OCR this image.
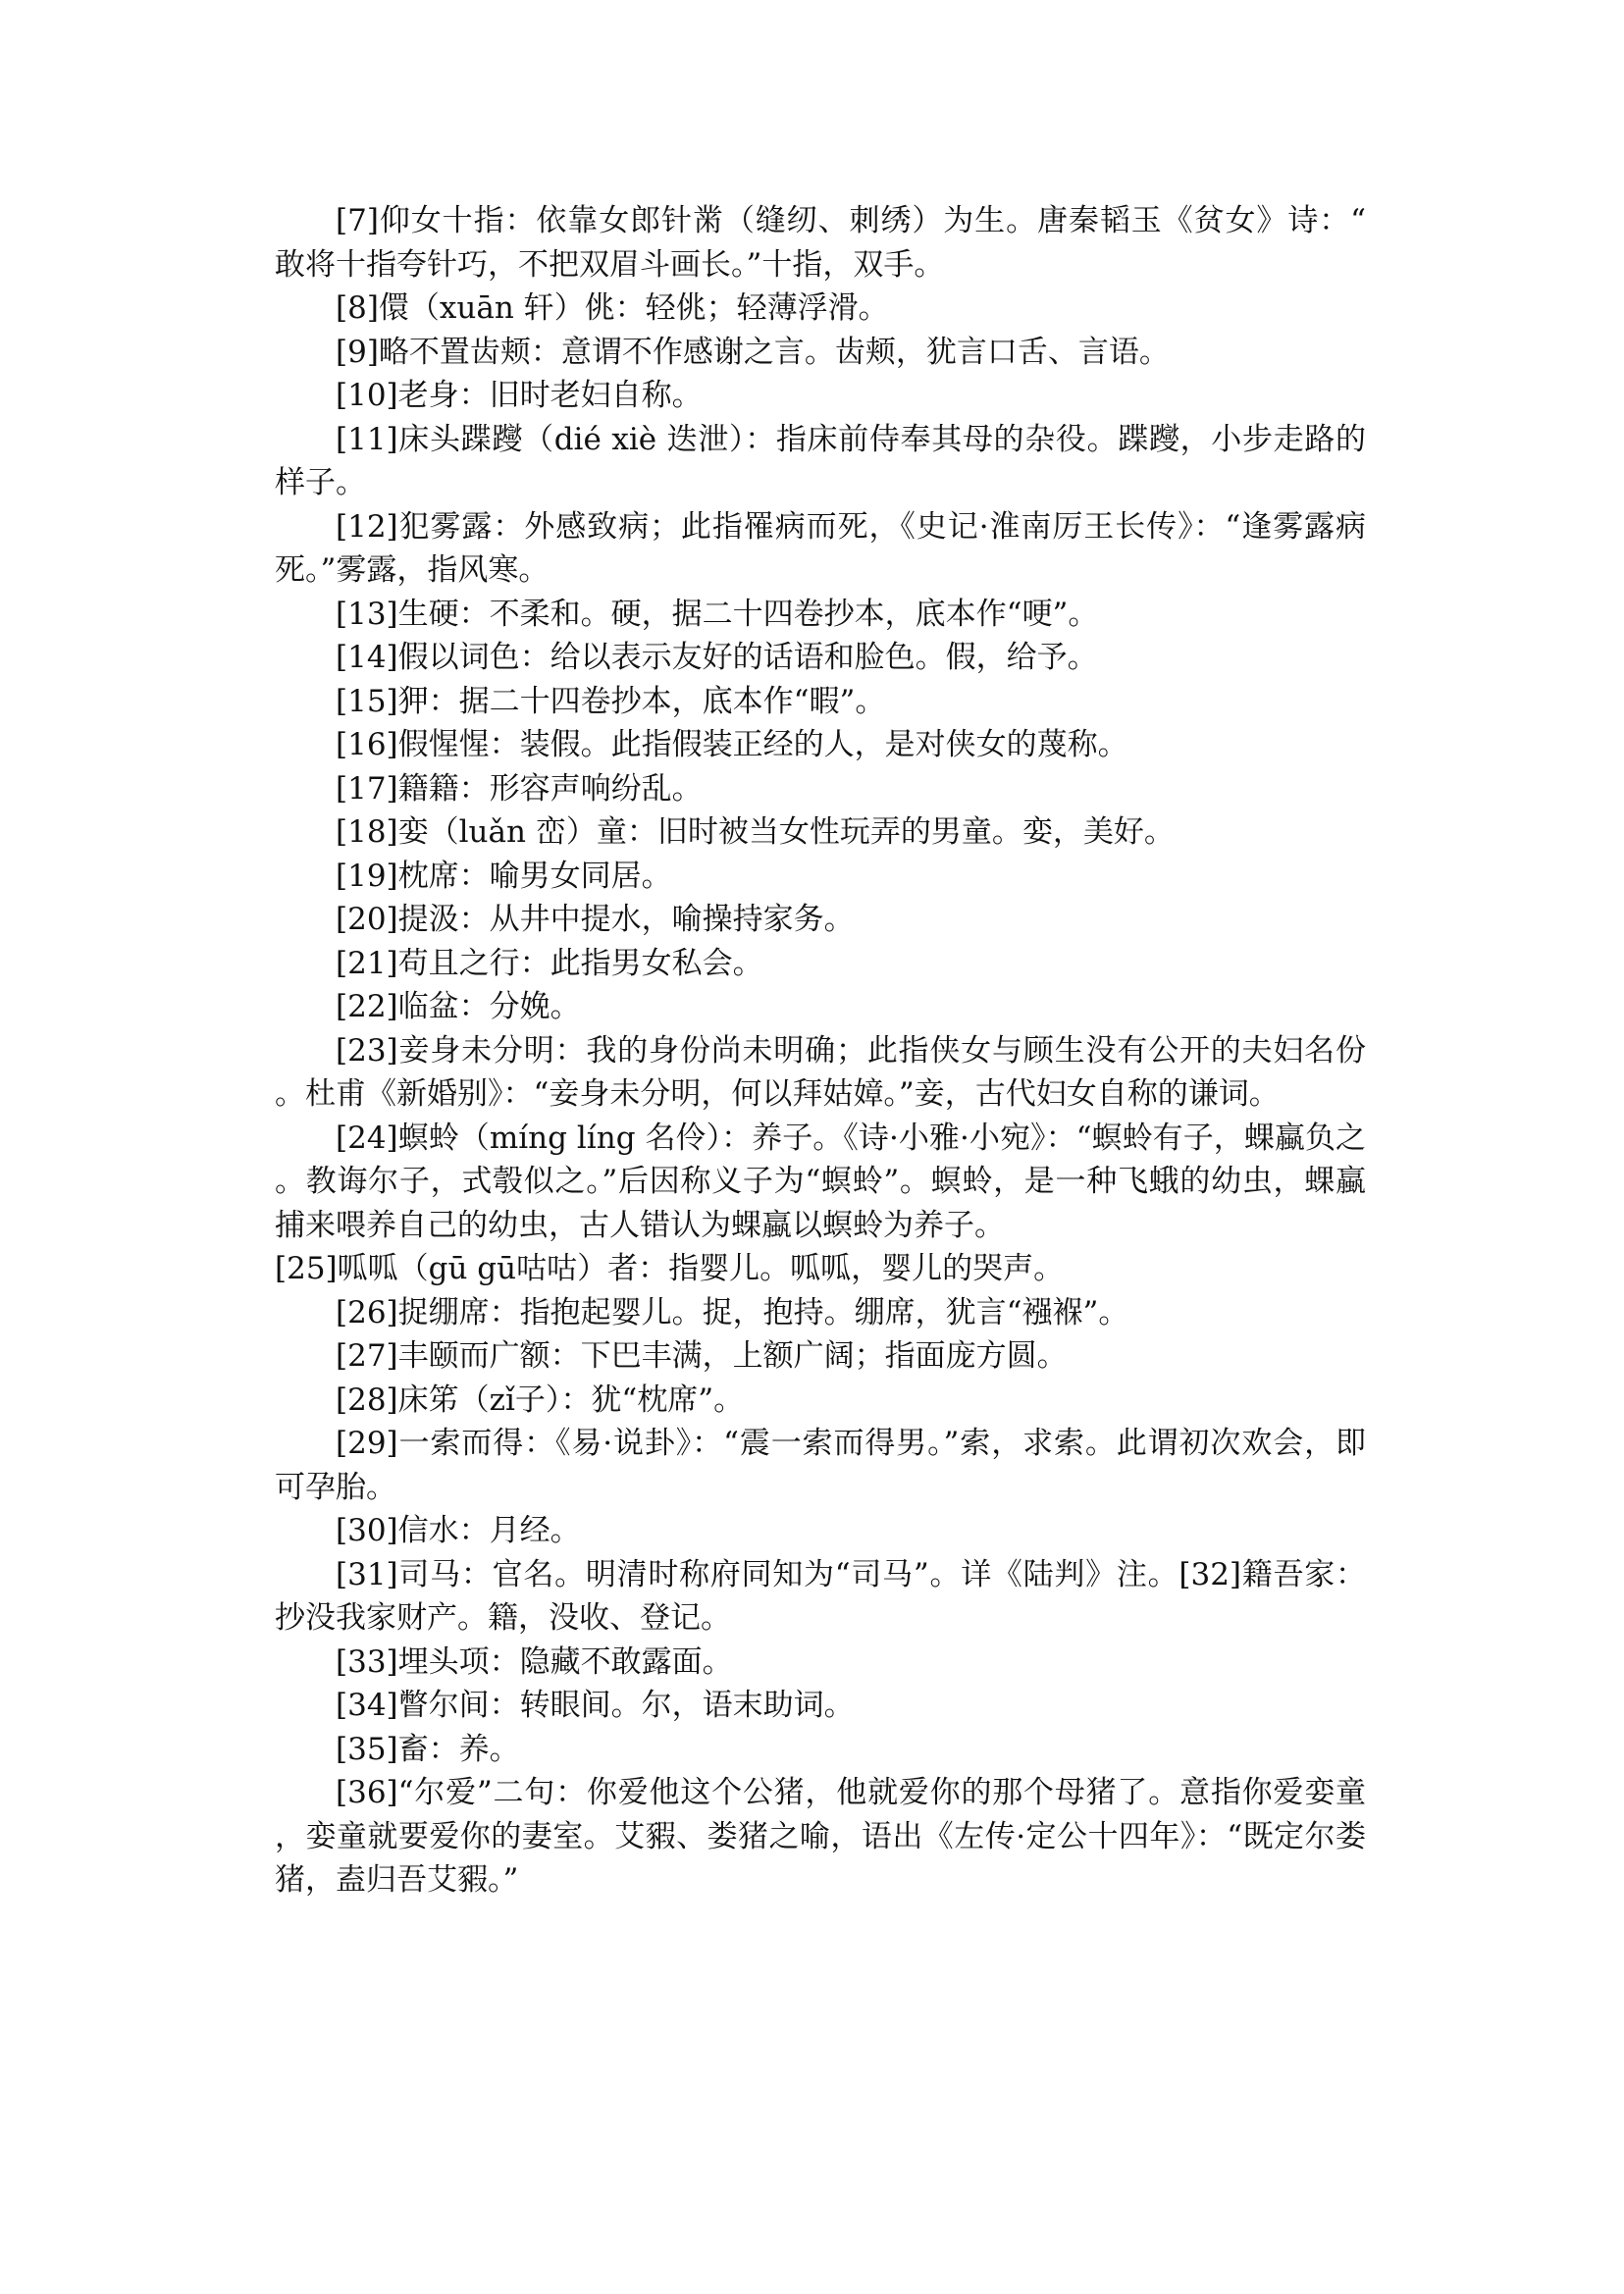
[7]仰女十指：依靠女郎针黹（缝纫、刺绣）为生。唐秦韬玉《贫女》诗：“敢将十指夸针巧，不把双眉斗画长。”十指，双手。

[8]儇（xuān 轩）佻：轻佻；轻薄浮滑。

[9]略不置齿颊：意谓不作感谢之言。齿颊，犹言口舌、言语。

[10]老身：旧时老妇自称。

[11]床头蹀躞（dié xiè 迭泄）：指床前侍奉其母的杂役。蹀躞，小步走路的样子。

[12]犯雾露：外感致病；此指罹病而死，《史记·淮南厉王长传》：“逢雾露病死。”雾露，指风寒。

[13]生硬：不柔和。硬，据二十四卷抄本，底本作“哽”。

[14]假以词色：给以表示友好的话语和脸色。假，给予。

[15]狎：据二十四卷抄本，底本作“暇”。

[16]假惺惺：装假。此指假装正经的人，是对侠女的蔑称。

[17]籍籍：形容声响纷乱。

[18]娈（luǎn 峦）童：旧时被当女性玩弄的男童。娈，美好。

[19]枕席：喻男女同居。

[20]提汲：从井中提水，喻操持家务。

[21]苟且之行：此指男女私会。

[22]临盆：分娩。

[23]妾身未分明：我的身份尚未明确；此指侠女与顾生没有公开的夫妇名份。杜甫《新婚别》：“妾身未分明，何以拜姑嫜。”妾，古代妇女自称的谦词。

[24]螟蛉（míng líng 名伶）：养子。《诗·小雅·小宛》：“螟蛉有子，蜾蠃负之。教诲尔子，式彀似之。”后因称义子为“螟蛉”。螟蛉，是一种飞蛾的幼虫，蜾蠃捕来喂养自己的幼虫，古人错认为蜾蠃以螟蛉为养子。

[25]呱呱（gū gū咕咕）者：指婴儿。呱呱，婴儿的哭声。

[26]捉绷席：指抱起婴儿。捉，抱持。绷席，犹言“襁褓”。

[27]丰颐而广额：下巴丰满，上额广阔；指面庞方圆。

[28]床笫（zǐ子）：犹“枕席”。

[29]一索而得：《易·说卦》：“震一索而得男。”索，求索。此谓初次欢会，即可孕胎。

[30]信水：月经。

[31]司马：官名。明清时称府同知为“司马”。详《陆判》注。[32]籍吾家：抄没我家财产。籍，没收、登记。

[33]埋头项：隐藏不敢露面。

[34]瞥尔间：转眼间。尔，语末助词。

[35]畜：养。

[36]“尔爱”二句：你爱他这个公猪，他就爱你的那个母猪了。意指你爱娈童，娈童就要爱你的妻室。艾豭、娄猪之喻，语出《左传·定公十四年》：“既定尔娄猪，盍归吾艾豭。”
